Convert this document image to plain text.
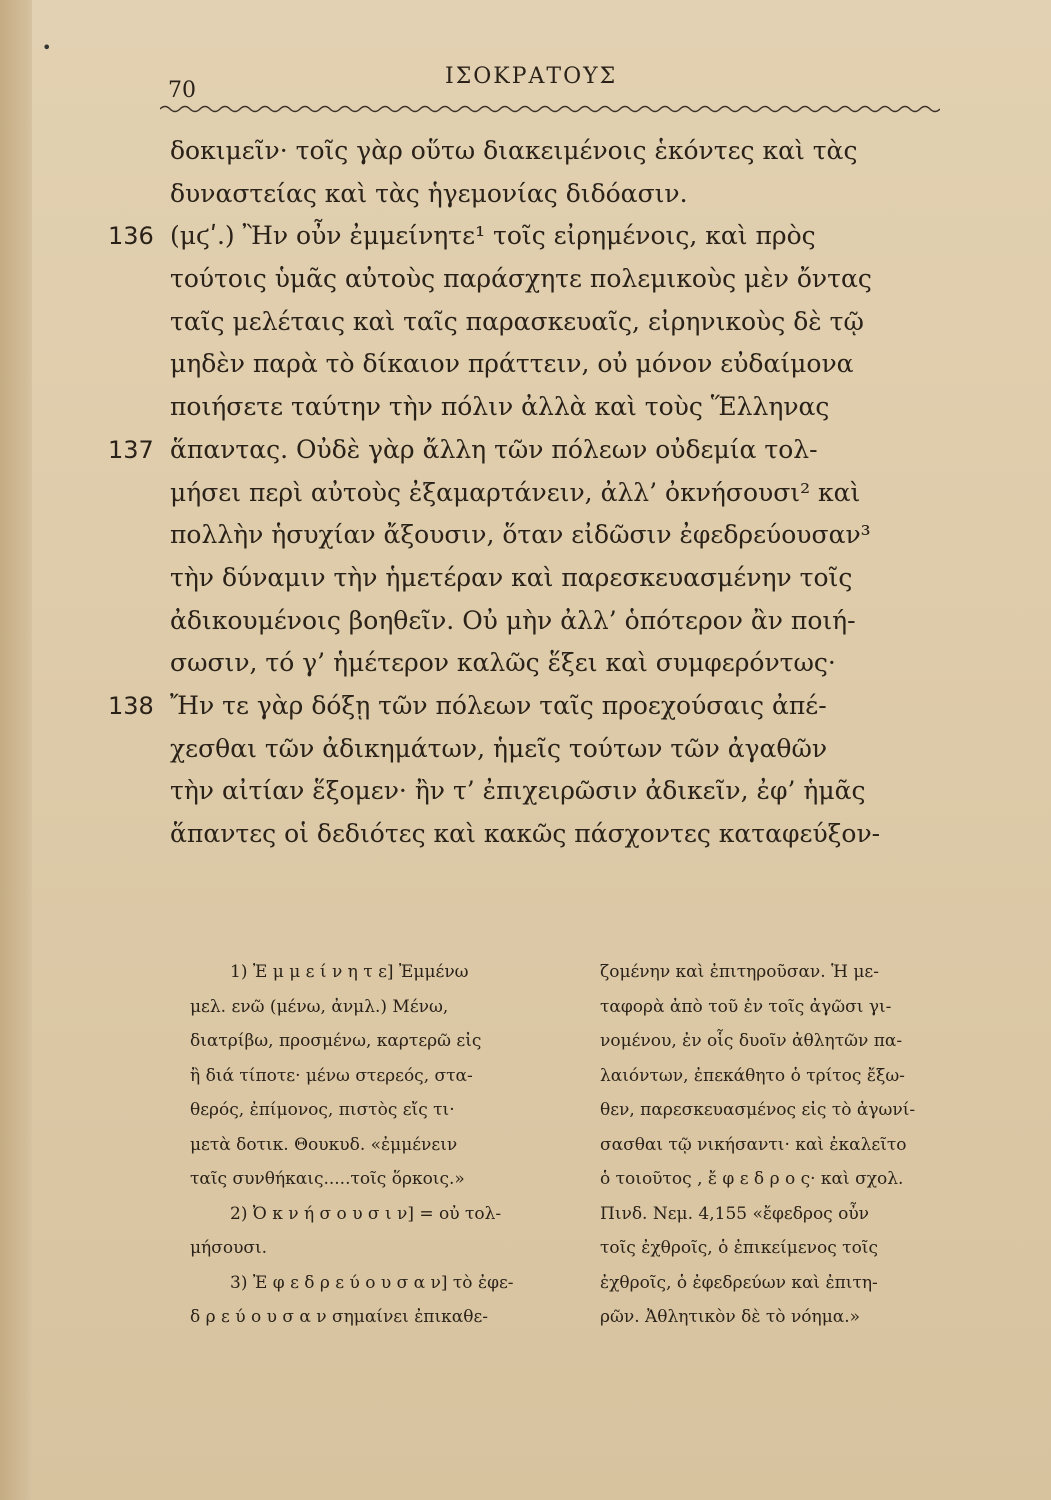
•
70
ΙΣΟΚΡΑΤΟΥΣ
δοκιμεῖν· τοῖς γὰρ οὕτω διακειμένοις ἑκόντες καὶ τὰς
δυναστείας καὶ τὰς ἡγεμονίας διδόασιν.
136 (μϛʹ.) Ἢν οὖν ἐμμείνητε¹ τοῖς εἰρημένοις, καὶ πρὸς
τούτοις ὑμᾶς αὐτοὺς παράσχητε πολεμικοὺς μὲν ὄντας
ταῖς μελέταις καὶ ταῖς παρασκευαῖς, εἰρηνικοὺς δὲ τῷ
μηδὲν παρὰ τὸ δίκαιον πράττειν, οὐ μόνον εὐδαίμονα
ποιήσετε ταύτην τὴν πόλιν ἀλλὰ καὶ τοὺς Ἕλληνας
137 ἅπαντας. Οὐδὲ γὰρ ἄλλη τῶν πόλεων οὐδεμία τολ-
μήσει περὶ αὐτοὺς ἐξαμαρτάνειν, ἀλλ’ ὀκνήσουσι² καὶ
πολλὴν ἡσυχίαν ἄξουσιν, ὅταν εἰδῶσιν ἐφεδρεύουσαν³
τὴν δύναμιν τὴν ἡμετέραν καὶ παρεσκευασμένην τοῖς
ἀδικουμένοις βοηθεῖν. Οὐ μὴν ἀλλ’ ὁπότερον ἂν ποιή-
σωσιν, τό γ’ ἡμέτερον καλῶς ἕξει καὶ συμφερόντως·
138 Ἤν τε γὰρ δόξῃ τῶν πόλεων ταῖς προεχούσαις ἀπέ-
χεσθαι τῶν ἀδικημάτων, ἡμεῖς τούτων τῶν ἀγαθῶν
τὴν αἰτίαν ἕξομεν· ἢν τ’ ἐπιχειρῶσιν ἀδικεῖν, ἐφ’ ἡμᾶς
ἅπαντες οἱ δεδιότες καὶ κακῶς πάσχοντες καταφεύξον-
1) Ἐ μ μ ε ί ν η τ ε] Ἐμμένω
μελ. ενῶ (μένω, ἀνμλ.) Μένω,
διατρίβω, προσμένω, καρτερῶ εἰς
ἢ διά τίποτε· μένω στερεός, στα-
θερός, ἐπίμονος, πιστὸς εἴς τι·
μετὰ δοτικ. Θουκυδ. «ἐμμένειν
ταῖς συνθήκαις.....τοῖς ὅρκοις.»
2) Ὀ κ ν ή σ ο υ σ ι ν] = οὐ τολ-
μήσουσι.
3) Ἐ φ ε δ ρ ε ύ ο υ σ α ν] τὸ ἐφε-
δ ρ ε ύ ο υ σ α ν σημαίνει ἐπικαθε-
ζομένην καὶ ἐπιτηροῦσαν. Ἡ με-
ταφορὰ ἀπὸ τοῦ ἐν τοῖς ἀγῶσι γι-
νομένου, ἐν οἷς δυοῖν ἀθλητῶν πα-
λαιόντων, ἐπεκάθητο ὁ τρίτος ἔξω-
θεν, παρεσκευασμένος εἰς τὸ ἀγωνί-
σασθαι τῷ νικήσαντι· καὶ ἐκαλεῖτο
ὁ τοιοῦτος , ἔ φ ε δ ρ ο ς· καὶ σχολ.
Πινδ. Νεμ. 4,155 «ἔφεδρος οὖν
τοῖς ἐχθροῖς, ὁ ἐπικείμενος τοῖς
ἐχθροῖς, ὁ ἐφεδρεύων καὶ ἐπιτη-
ρῶν. Ἀθλητικὸν δὲ τὸ νόημα.»
